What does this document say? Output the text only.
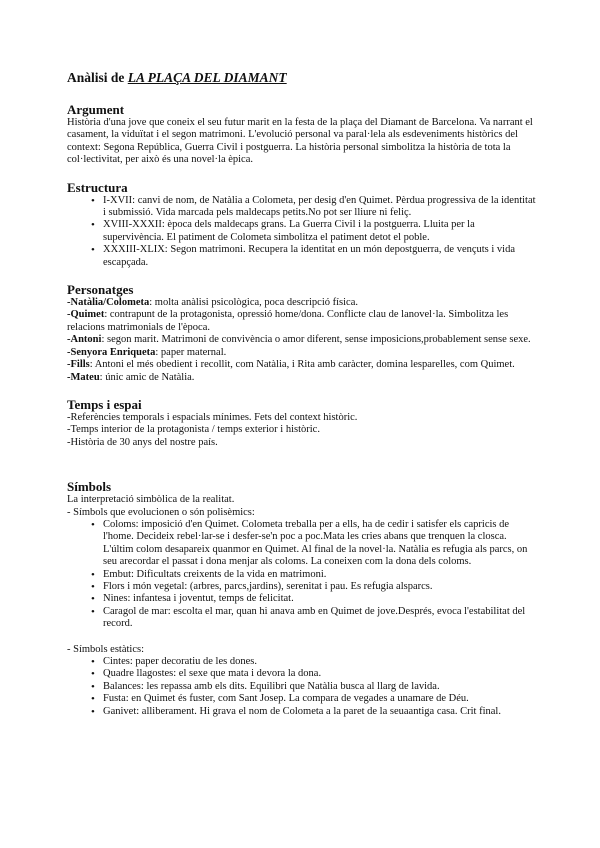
Anàlisi de LA PLAÇA DEL DIAMANT
Argument

Història d'una jove que coneix el seu futur marit en la festa de la plaça del Diamant de Barcelona. Va narrant el casament, la viduïtat i el segon matrimoni. L'evolució personal va paral·lela als esdeveniments històrics del context: Segona República, Guerra Civil i postguerra. La història personal simbolitza la història de tota la col·lectivitat, per això és una novel·la èpica.

Estructura
• I-XVII: canvi de nom, de Natàlia a Colometa, per desig d'en Quimet. Pèrdua progressiva de la identitat i submissió. Vida marcada pels maldecaps petits.No pot ser lliure ni feliç.
• XVIII-XXXII: època dels maldecaps grans. La Guerra Civil i la postguerra. Lluita per la supervivència. El patiment de Colometa simbolitza el patiment detot el poble.
• XXXIII-XLIX: Segon matrimoni. Recupera la identitat en un món depostguerra, de vençuts i vida escapçada.
Personatges

-Natàlia/Colometa: molta anàlisi psicològica, poca descripció física.

-Quimet: contrapunt de la protagonista, opressió home/dona. Conflicte clau de lanovel·la. Simbolitza les relacions matrimonials de l'època.

-Antoni: segon marit. Matrimoni de convivència o amor diferent, sense imposicions,probablement sense sexe.

-Senyora Enriqueta: paper maternal.

-Fills: Antoni el més obedient i recollit, com Natàlia, i Rita amb caràcter, domina lesparelles, com Quimet.

-Mateu: únic amic de Natàlia.

Temps i espai

-Referències temporals i espacials mínimes. Fets del context històric.

-Temps interior de la protagonista / temps exterior i històric.

-Història de 30 anys del nostre país.

Símbols

La interpretació simbòlica de la realitat.

- Símbols que evolucionen o són polisèmics:

• Coloms: imposició d'en Quimet. Colometa treballa per a ells, ha de cedir i satisfer els capricis de l'home. Decideix rebel·lar-se i desfer-se'n poc a poc.Mata les cries abans que trenquen la closca. L'últim colom desapareix quanmor en Quimet. Al final de la novel·la. Natàlia es refugia als parcs, on seu arecordar el passat i dona menjar als coloms. La coneixen com la dona dels coloms.
• Embut: Dificultats creixents de la vida en matrimoni.
• Flors i món vegetal: (arbres, parcs,jardins), serenitat i pau. Es refugia alsparcs.
• Nines: infantesa i joventut, temps de felicitat.
• Caragol de mar: escolta el mar, quan hi anava amb en Quimet de jove.Després, evoca l'estabilitat del record.

- Símbols estàtics:

• Cintes: paper decoratiu de les dones.
• Quadre llagostes: el sexe que mata i devora la dona.
• Balances: les repassa amb els dits. Equilibri que Natàlia busca al llarg de lavida.
• Fusta: en Quimet és fuster, com Sant Josep. La compara de vegades a unamare de Déu.
• Ganivet: alliberament. Hi grava el nom de Colometa a la paret de la seuaantiga casa. Crit final.
